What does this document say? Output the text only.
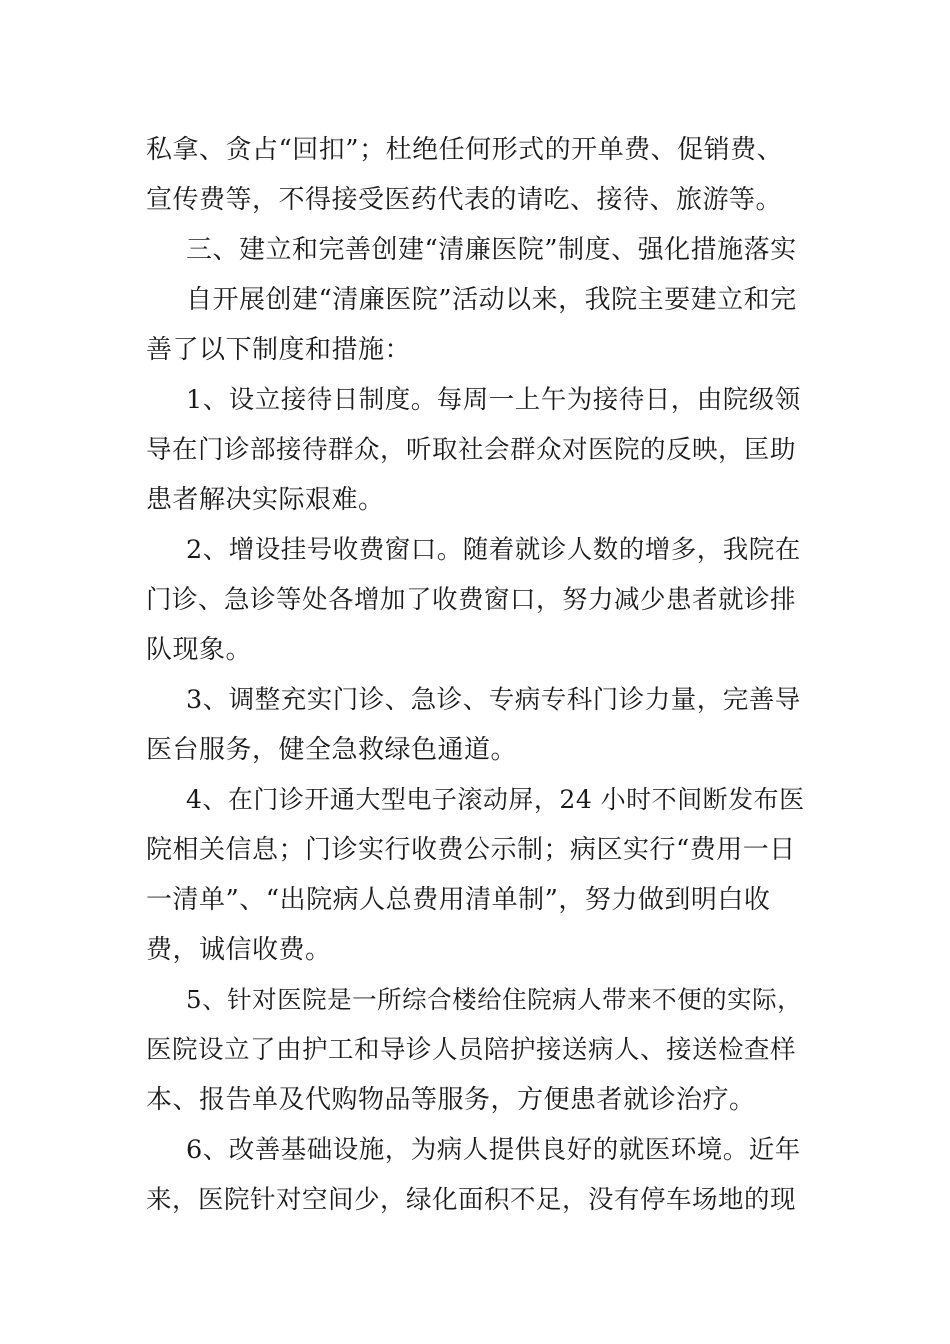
私拿、贪占“回扣”；杜绝任何形式的开单费、促销费、
宣传费等，不得接受医药代表的请吃、接待、旅游等。
三、建立和完善创建“清廉医院”制度、强化措施落实
自开展创建“清廉医院”活动以来，我院主要建立和完
善了以下制度和措施：
1、设立接待日制度。每周一上午为接待日，由院级领
导在门诊部接待群众，听取社会群众对医院的反映，匡助
患者解决实际艰难。
2、增设挂号收费窗口。随着就诊人数的增多，我院在
门诊、急诊等处各增加了收费窗口，努力减少患者就诊排
队现象。
3、调整充实门诊、急诊、专病专科门诊力量，完善导
医台服务，健全急救绿色通道。
4、在门诊开通大型电子滚动屏，24 小时不间断发布医
院相关信息；门诊实行收费公示制；病区实行“费用一日
一清单”、“出院病人总费用清单制”，努力做到明白收
费，诚信收费。
5、针对医院是一所综合楼给住院病人带来不便的实际，
医院设立了由护工和导诊人员陪护接送病人、接送检查样
本、报告单及代购物品等服务，方便患者就诊治疗。
6、改善基础设施，为病人提供良好的就医环境。近年
来，医院针对空间少，绿化面积不足，没有停车场地的现
